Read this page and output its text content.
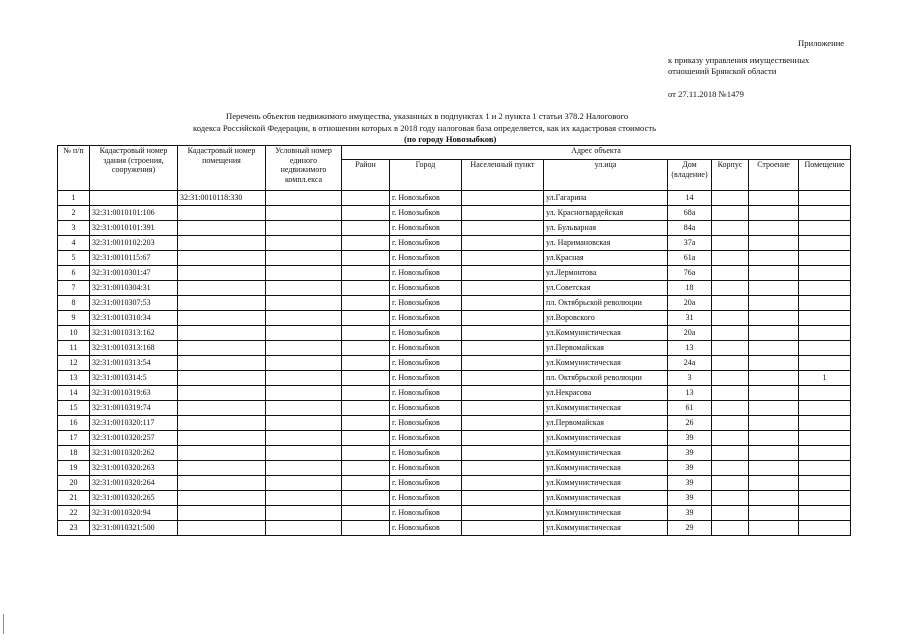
Приложение
к приказу управления имущественных
отношений Брянской области
от 27.11.2018 №1479
Перечень объектов недвижимого имущества, указанных в подпунктах 1 и 2 пункта 1 статьи 378.2 Налогового
кодекса Российской Федерации, в отношении которых в 2018 году налоговая база определяется, как их кадастровая стоимость
(по городу Новозыбков)
№ п/п	Кадастровый номер здания (строения, сооружения)	Кадастровый номер помещения	Условный номер единого недвижимого компл.екса	Адрес объекта							
				Район	Город	Населенный пункт	ул.ица	Дом (владение)	Корпус	Строение	Помещение
1		32:31:0010118:330			г. Новозыбков		ул.Гагарина	14			
2	32:31:0010101:106				г. Новозыбков		ул. Красногвардейская	68а			
3	32:31:0010101:391				г. Новозыбков		ул. Бульварная	84а			
4	32:31:0010102:203				г. Новозыбков		ул. Наримановская	37а			
5	32:31:0010115:67				г. Новозыбков		ул.Красная	61а			
6	32:31:0010301:47				г. Новозыбков		ул.Лермонтова	76а			
7	32:31:0010304:31				г. Новозыбков		ул.Советская	18			
8	32:31:0010307:53				г. Новозыбков		пл. Октябрьской революции	20а			
9	32:31:0010310:34				г. Новозыбков		ул.Воровского	31			
10	32:31:0010313:162				г. Новозыбков		ул.Коммунистическая	20а			
11	32:31:0010313:168				г. Новозыбков		ул.Первомайская	13			
12	32:31:0010313:54				г. Новозыбков		ул.Коммунистическая	24а			
13	32:31:0010314:5				г. Новозыбков		пл. Октябрьской революции	3			1
14	32:31:0010319:63				г. Новозыбков		ул.Некрасова	13			
15	32:31:0010319:74				г. Новозыбков		ул.Коммунистическая	61			
16	32:31:0010320:117				г. Новозыбков		ул.Первомайская	26			
17	32:31:0010320:257				г. Новозыбков		ул.Коммунистическая	39			
18	32:31:0010320:262				г. Новозыбков		ул.Коммунистическая	39			
19	32:31:0010320:263				г. Новозыбков		ул.Коммунистическая	39			
20	32:31:0010320:264				г. Новозыбков		ул.Коммунистическая	39			
21	32:31:0010320:265				г. Новозыбков		ул.Коммунистическая	39			
22	32:31:0010320:94				г. Новозыбков		ул.Коммунистическая	39			
23	32:31:0010321:500				г. Новозыбков		ул.Коммунистическая	29			
